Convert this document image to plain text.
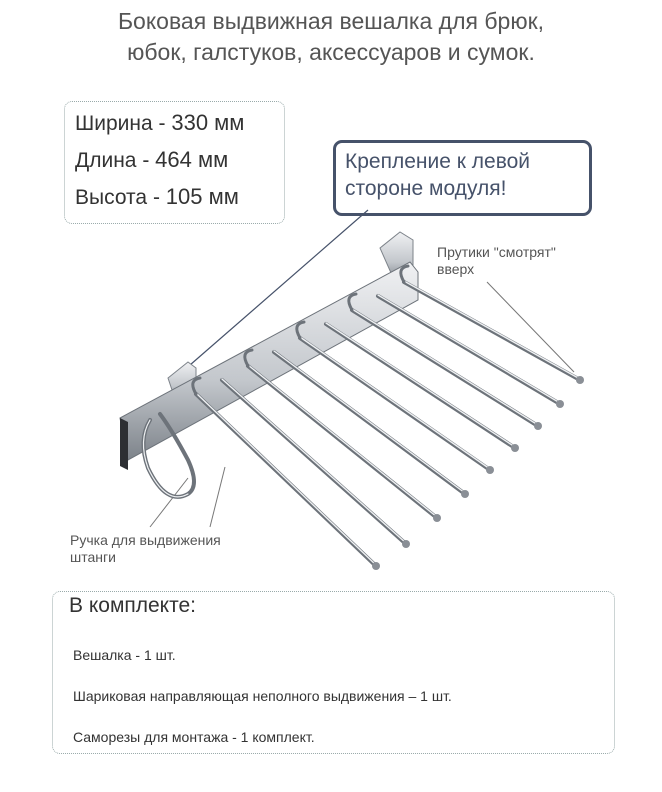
Боковая выдвижная вешалка для брюк,
юбок, галстуков, аксессуаров и сумок.
Ширина - 330 мм
Длина - 464 мм
Высота - 105 мм
Крепление к левой
стороне модуля!
Прутики "смотрят"
вверх
Ручка для выдвижения
штанги
В комплекте:
Вешалка - 1 шт.
Шариковая направляющая неполного выдвижения – 1 шт.
Саморезы для монтажа - 1 комплект.
